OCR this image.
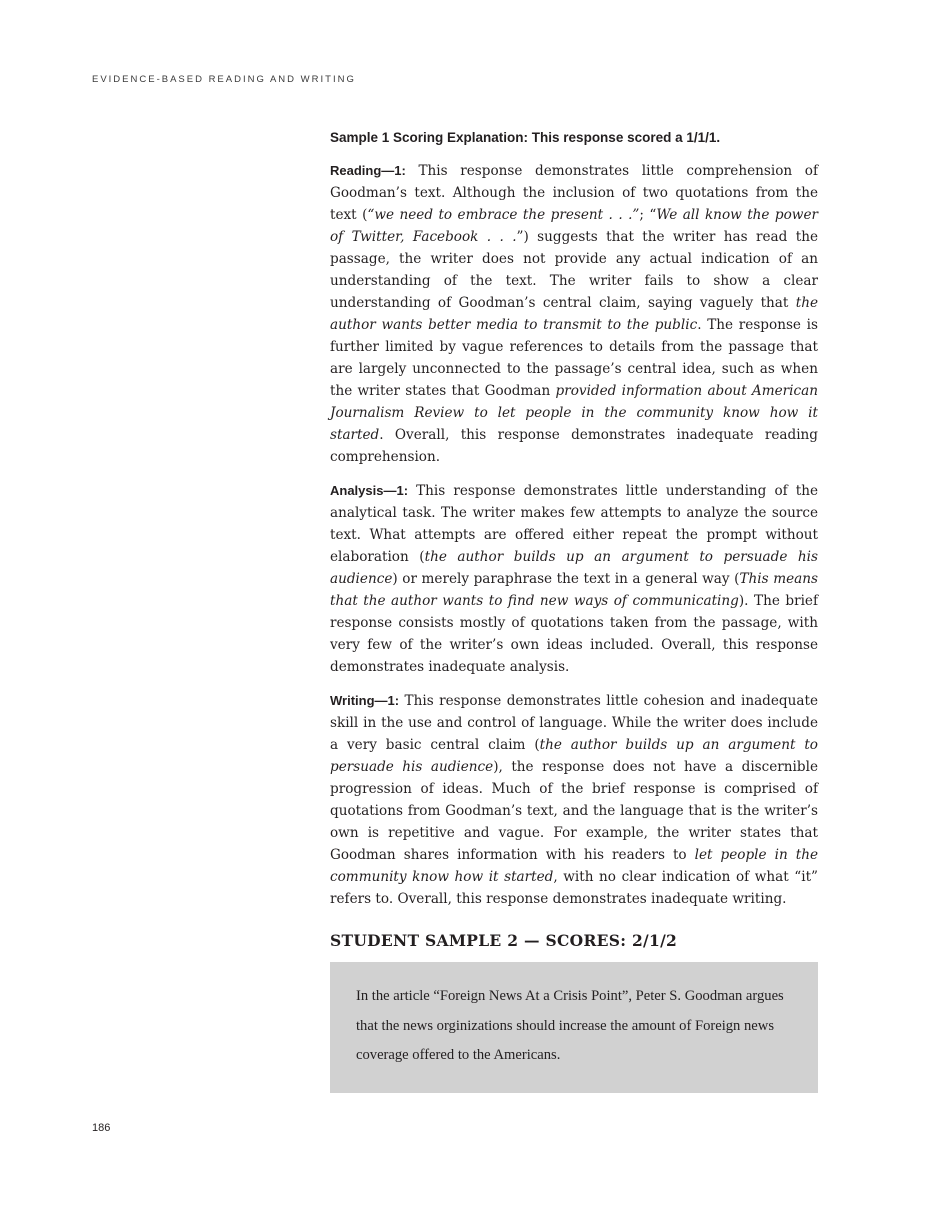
EVIDENCE-BASED READING AND WRITING

Sample 1 Scoring Explanation: This response scored a 1/1/1.

Reading—1: This response demonstrates little comprehension of Goodman’s text. Although the inclusion of two quotations from the text (“we need to embrace the present . . .”; “We all know the power of Twitter, Facebook . . .”) suggests that the writer has read the passage, the writer does not provide any actual indication of an understanding of the text. The writer fails to show a clear understanding of Goodman’s central claim, saying vaguely that the author wants better media to transmit to the public. The response is further limited by vague references to details from the passage that are largely unconnected to the passage’s central idea, such as when the writer states that Goodman provided information about American Journalism Review to let people in the community know how it started. Overall, this response demonstrates inadequate reading comprehension.

Analysis—1: This response demonstrates little understanding of the analytical task. The writer makes few attempts to analyze the source text. What attempts are offered either repeat the prompt without elaboration (the author builds up an argument to persuade his audience) or merely paraphrase the text in a general way (This means that the author wants to find new ways of communicating). The brief response consists mostly of quotations taken from the passage, with very few of the writer’s own ideas included. Overall, this response demonstrates inadequate analysis.

Writing—1: This response demonstrates little cohesion and inadequate skill in the use and control of language. While the writer does include a very basic central claim (the author builds up an argument to persuade his audience), the response does not have a discernible progression of ideas. Much of the brief response is comprised of quotations from Goodman’s text, and the language that is the writer’s own is repetitive and vague. For example, the writer states that Goodman shares information with his readers to let people in the community know how it started, with no clear indication of what “it” refers to. Overall, this response demonstrates inadequate writing.

STUDENT SAMPLE 2 — SCORES: 2/1/2

In the article “Foreign News At a Crisis Point”, Peter S. Goodman argues that the news orginizations should increase the amount of Foreign news coverage offered to the Americans.

186
